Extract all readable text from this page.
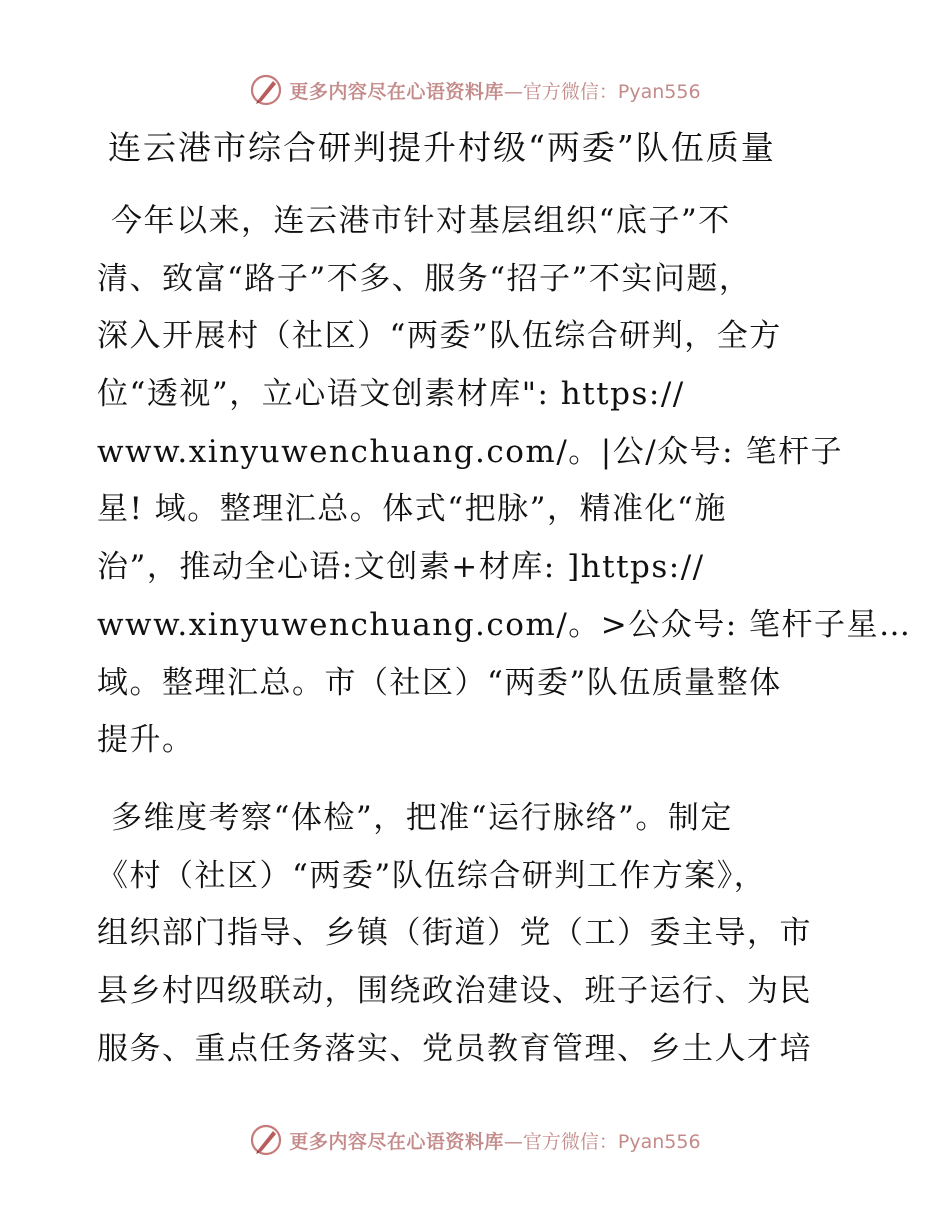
更多内容尽在心语资料库 —官方微信：Pyan556
连云港市综合研判提升村级“两委”队伍质量
今年以来，连云港市针对基层组织“底子”不
清、致富“路子”不多、服务“招子”不实问题，
深入开展村（社区）“两委”队伍综合研判，全方
位“透视”，立心语文创素材库": https://
www.xinyuwenchuang.com/。|公/众号: 笔杆子
星! 域。整理汇总。体式“把脉”，精准化“施
治”，推动全心语:文创素+材库: ]https://
www.xinyuwenchuang.com/。>公众号: 笔杆子星…
域。整理汇总。市（社区）“两委”队伍质量整体
提升。
多维度考察“体检”，把准“运行脉络”。制定
《村（社区）“两委”队伍综合研判工作方案》，
组织部门指导、乡镇（街道）党（工）委主导，市
县乡村四级联动，围绕政治建设、班子运行、为民
服务、重点任务落实、党员教育管理、乡土人才培
更多内容尽在心语资料库 —官方微信：Pyan556
